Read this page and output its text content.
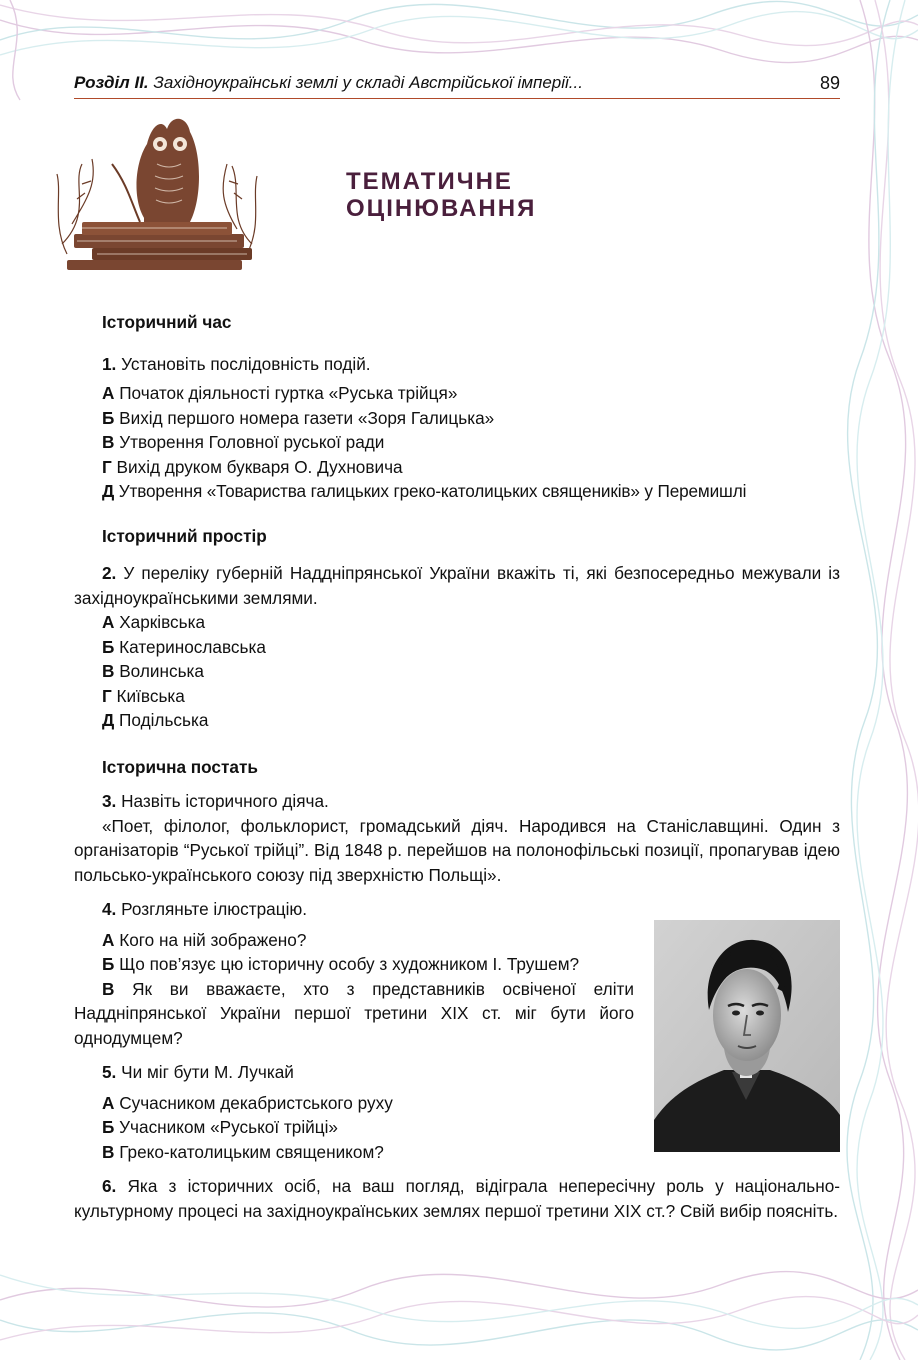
Розділ ІІ. Західноукраїнські землі у складі Австрійської імперії...	89
ТЕМАТИЧНЕ
ОЦІНЮВАННЯ

Історичний час

1. Установіть послідовність подій.

А Початок діяльності гуртка «Руська трійця»

Б Вихід першого номера газети «Зоря Галицька»

В Утворення Головної руської ради

Г Вихід друком букваря О. Духновича

Д Утворення «Товариства галицьких греко-католицьких священиків» у Перемишлі

Історичний простір

2. У переліку губерній Наддніпрянської України вкажіть ті, які безпосередньо межували із західноукраїнськими землями.

А Харківська

Б Катеринославська

В Волинська

Г Київська

Д Подільська

Історична постать

3. Назвіть історичного діяча.

«Поет, філолог, фольклорист, громадський діяч. Народився на Станіславщині. Один з організаторів “Руської трійці”. Від 1848 р. перейшов на полонофільські позиції, пропагував ідею польсько-українського союзу під зверхністю Польщі».

4. Розгляньте ілюстрацію.

А Кого на ній зображено?

Б Що пов’язує цю історичну особу з художником І. Трушем?

В Як ви вважаєте, хто з представників освіченої еліти Наддніпрянської України першої третини XIX ст. міг бути його однодумцем?

5. Чи міг бути М. Лучкай

А Сучасником декабристського руху

Б Учасником «Руської трійці»

В Греко-католицьким священиком?

6. Яка з історичних осіб, на ваш погляд, відіграла непересічну роль у національно-культурному процесі на західноукраїнських землях першої третини XIX ст.? Свій вибір поясніть.
